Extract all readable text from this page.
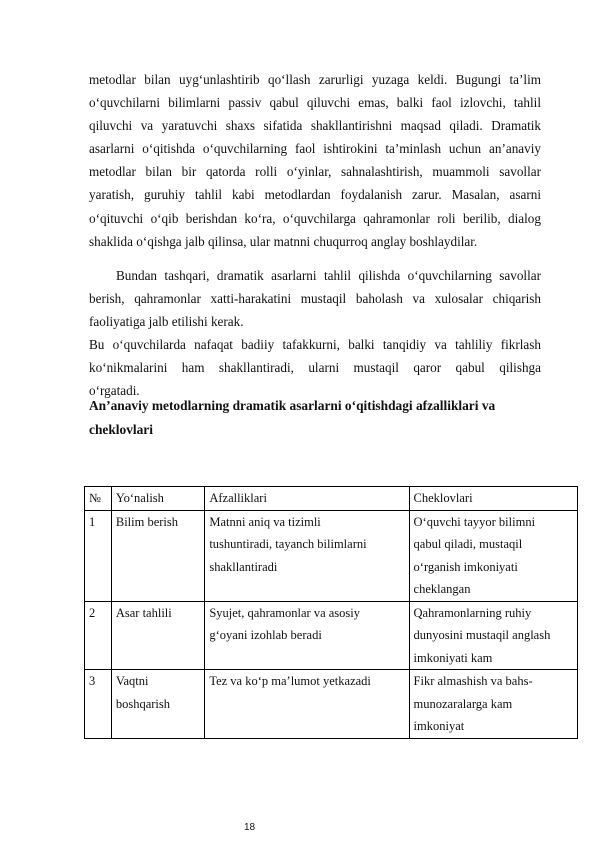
metodlar bilan uyg‘unlashtirib qo‘llash zarurligi yuzaga keldi. Bugungi ta’lim
o‘quvchilarni bilimlarni passiv qabul qiluvchi emas, balki faol izlovchi, tahlil
qiluvchi va yaratuvchi shaxs sifatida shakllantirishni maqsad qiladi. Dramatik
asarlarni o‘qitishda o‘quvchilarning faol ishtirokini ta’minlash uchun an’anaviy
metodlar bilan bir qatorda rolli o‘yinlar, sahnalashtirish, muammoli savollar
yaratish, guruhiy tahlil kabi metodlardan foydalanish zarur. Masalan, asarni
o‘qituvchi o‘qib berishdan ko‘ra, o‘quvchilarga qahramonlar roli berilib, dialog
shaklida o‘qishga jalb qilinsa, ular matnni chuqurroq anglay boshlaydilar.
Bundan tashqari, dramatik asarlarni tahlil qilishda o‘quvchilarning savollar
berish, qahramonlar xatti-harakatini mustaqil baholash va xulosalar chiqarish
faoliyatiga jalb etilishi kerak.
Bu o‘quvchilarda nafaqat badiiy tafakkurni, balki tanqidiy va tahliliy fikrlash
ko‘nikmalarini ham shakllantiradi, ularni mustaqil qaror qabul qilishga
o‘rgatadi.
An’anaviy metodlarning dramatik asarlarni o‘qitishdagi afzalliklari va
cheklovlari
№	Yo‘nalish	Afzalliklari	Cheklovlari
1	Bilim berish	Matnni aniq va tizimli
tushuntiradi, tayanch bilimlarni
shakllantiradi	O‘quvchi tayyor bilimni
qabul qiladi, mustaqil
o‘rganish imkoniyati
cheklangan

2	Asar tahlili	Syujet, qahramonlar va asosiy
g‘oyani izohlab beradi	Qahramonlarning ruhiy
dunyosini mustaqil anglash
imkoniyati kam

3	Vaqtni
boshqarish	Tez va ko‘p ma’lumot yetkazadi	Fikr almashish va bahs-
munozaralarga kam
imkoniyat
18
